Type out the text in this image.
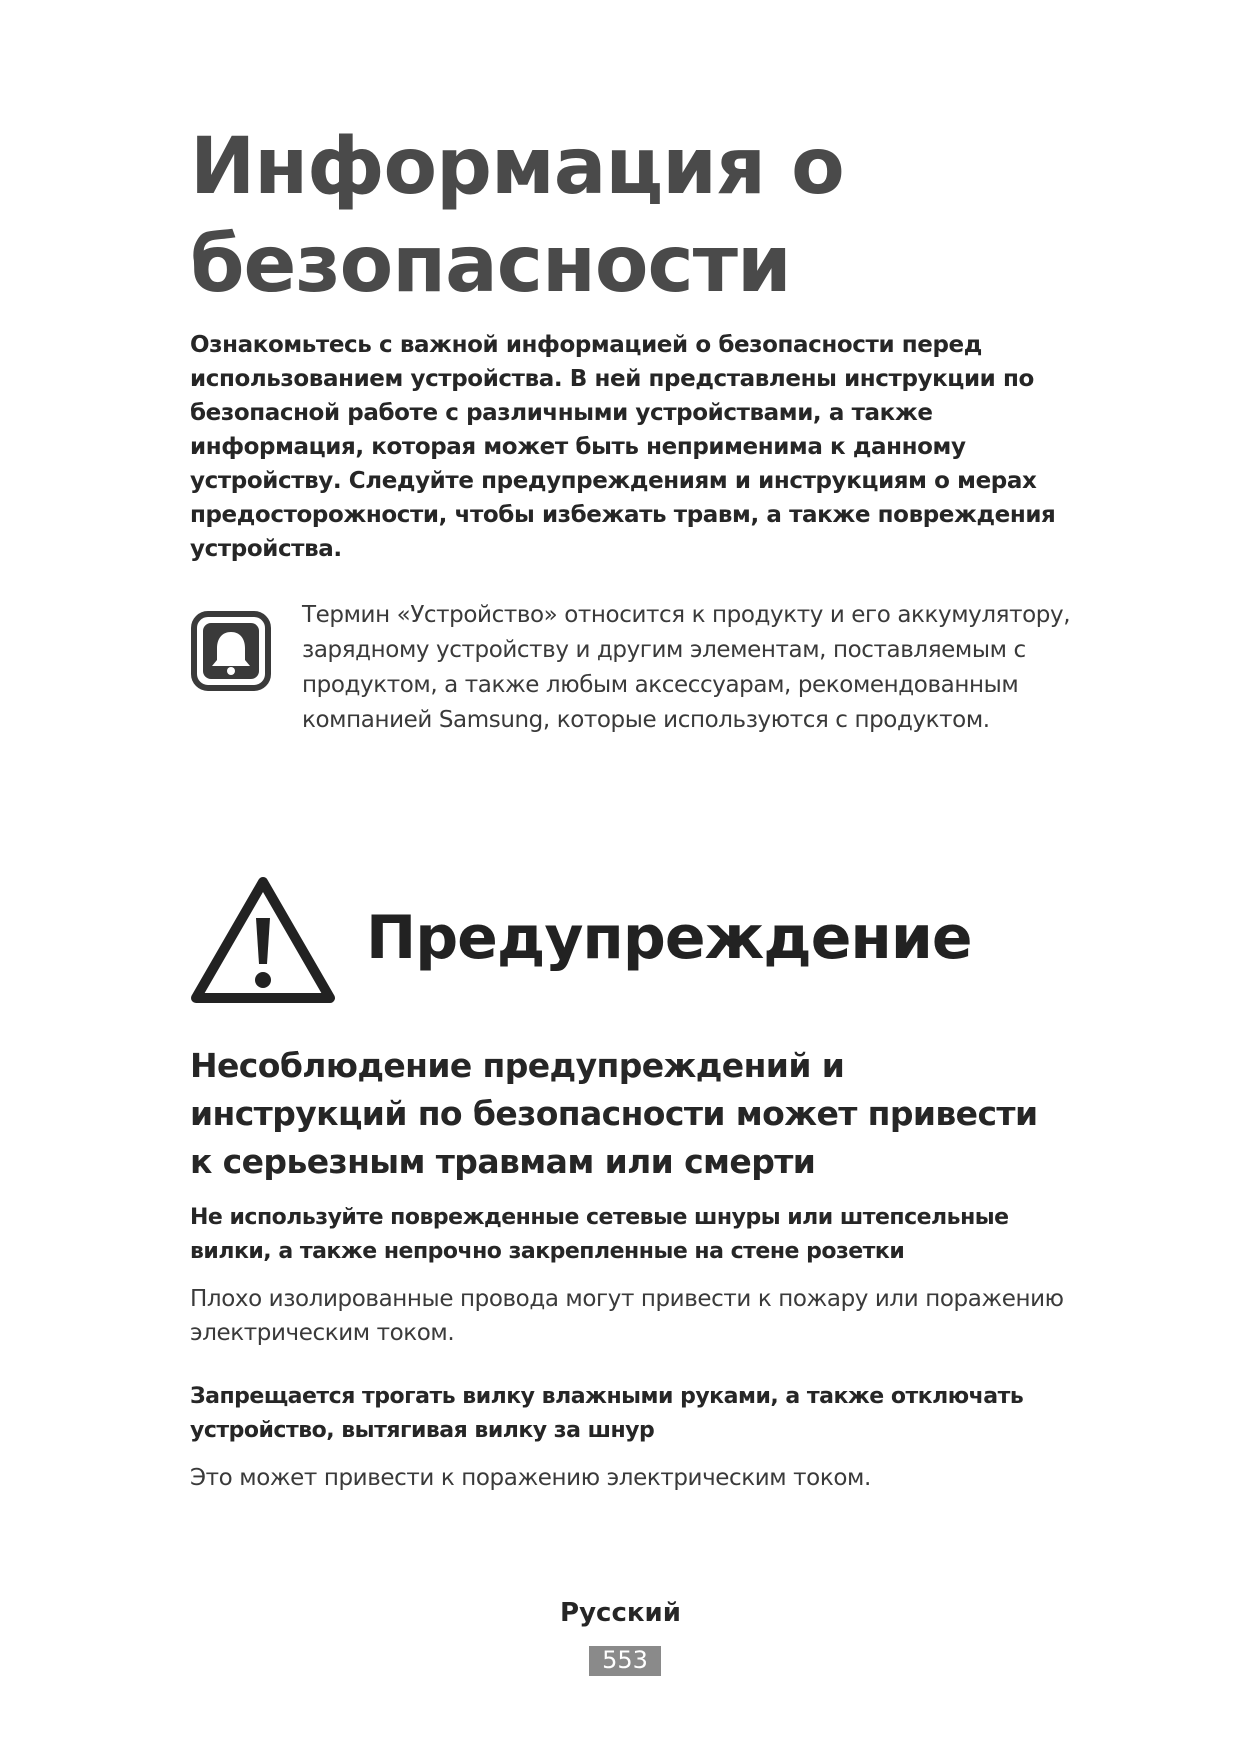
Информация о безопасности

Ознакомьтесь с важной информацией о безопасности перед использованием устройства. В ней представлены инструкции по безопасной работе с различными устройствами, а также информация, которая может быть неприменима к данному устройству. Следуйте предупреждениям и инструкциям о мерах предосторожности, чтобы избежать травм, а также повреждения устройства.

Термин «Устройство» относится к продукту и его аккумулятору, зарядному устройству и другим элементам, поставляемым с продуктом, а также любым аксессуарам, рекомендованным компанией Samsung, которые используются с продуктом.

Предупреждение
Несоблюдение предупреждений и инструкций по безопасности может привести к серьезным травмам или смерти

Не используйте поврежденные сетевые шнуры или штепсельные вилки, а также непрочно закрепленные на стене розетки

Плохо изолированные провода могут привести к пожару или поражению электрическим током.

Запрещается трогать вилку влажными руками, а также отключать устройство, вытягивая вилку за шнур

Это может привести к поражению электрическим током.

Русский

553
